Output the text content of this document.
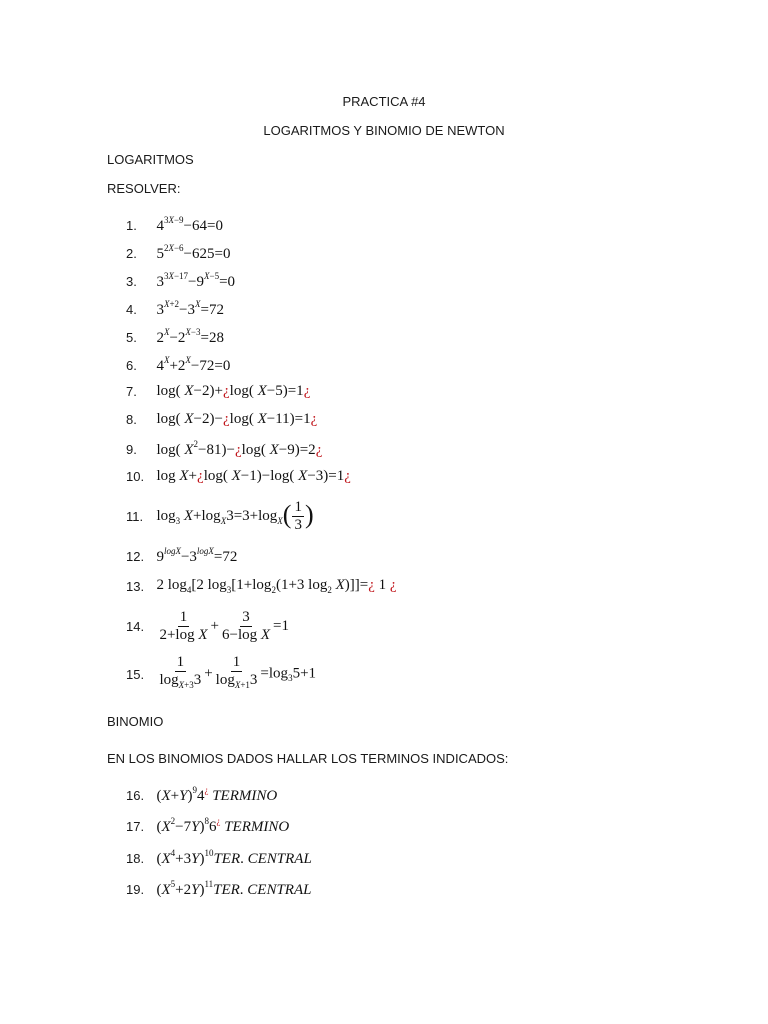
PRACTICA #4
LOGARITMOS Y BINOMIO DE NEWTON
LOGARITMOS
RESOLVER:
1. $4^{3X-9}-64=0$
2. $5^{2X-6}-625=0$
3. $3^{3X-17}-9^{X-5}=0$
4. $3^{X+2}-3^X=72$
5. $2^X-2^{X-3}=28$
6. $4^X+2^X-72=0$
7. log( X−2)+¿log( X−5)=1¿
8. log( X−2)−¿log( X−11)=1¿
9. log( $X^2-81)-¿\log$( X−9)=2¿
10. log X+¿log( X−1)−log( X−3)=1¿
11. $\log_3 X+\log_X3=3+\log_X( \frac{1}{3}$ )
12. $9^{logX}-3^{logX}=72$
13. 2 $\log_4[2$ $\log_3[1+\log_2(1+3$ $\log_2$ X)]]=¿ 1 ¿
14. $\frac{1}{\text{2+log X}} + \frac{3}{\text{6−log X}} =1$
15. $\frac{1}{\log_{X+3}3} + \frac{1}{\log_{X+1}3} =\log_35+1$
BINOMIO
EN LOS BINOMIOS DADOS HALLAR LOS TERMINOS INDICADOS:
16. $(X+Y)^94^¿$ TERMINO
17. $(X^2-7Y)^86^¿$ TERMINO
18. $(X^4+3Y)^{10}TER$. CENTRAL
19. $(X^5+2Y)^{11}TER$. CENTRAL
